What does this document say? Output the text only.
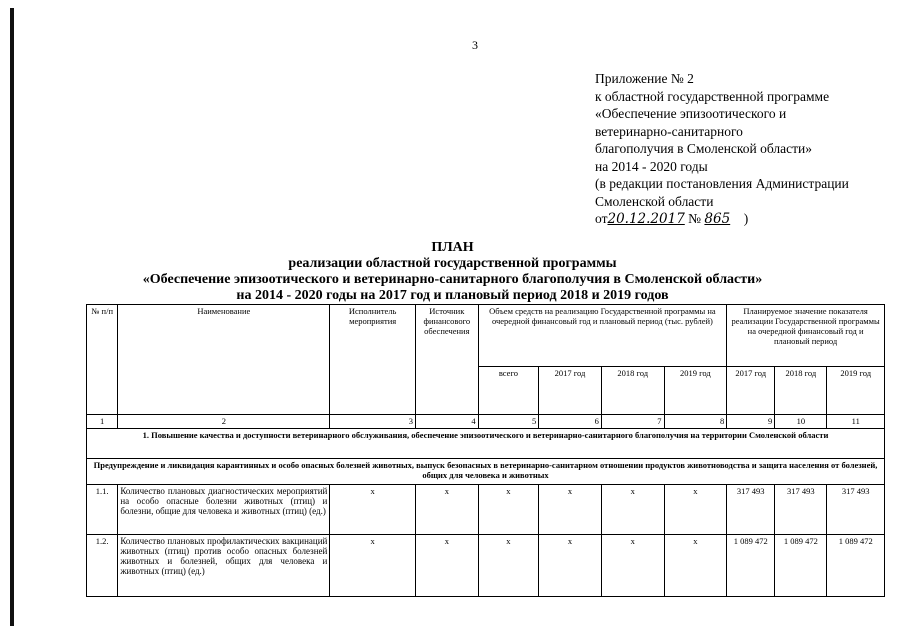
3
Приложение № 2
к областной государственной программе
«Обеспечение эпизоотического и
ветеринарно-санитарного
благополучия в Смоленской области»
на 2014 - 2020 годы
(в редакции постановления Администрации
Смоленской области
от20.12.2017 № 865 )
ПЛАН
реализации областной государственной программы
«Обеспечение эпизоотического и ветеринарно-санитарного благополучия в Смоленской области»
на 2014 - 2020 годы на 2017 год и плановый период 2018 и 2019 годов
№ п/п	Наименование	Исполнитель мероприятия	Источник финансового обеспечения	Объем средств на реализацию Государственной программы на очередной финансовый год и плановый период (тыс. рублей)				Планируемое значение показателя реализации Государственной программы на очередной финансовый год и плановый период		
				всего	2017 год	2018 год	2019 год	2017 год	2018 год	2019 год
1	2	3	4	5	6	7	8	9	10	11
1. Повышение качества и доступности ветеринарного обслуживания, обеспечение эпизоотического и ветеринарно-санитарного благополучия на территории Смоленской области										
Предупреждение и ликвидация карантинных и особо опасных болезней животных, выпуск безопасных в ветеринарно-санитарном отношении продуктов животноводства и защита населения от болезней, общих для человека и животных										
1.1.	Количество плановых диагностических мероприятий на особо опасные болезни животных (птиц) и болезни, общие для человека и животных (птиц) (ед.)	х	х	х	х	х	х	317 493	317 493	317 493
1.2.	Количество плановых профилактических вакцинаций животных (птиц) против особо опасных болезней животных и болезней, общих для человека и животных (птиц) (ед.)	х	х	х	х	х	х	1 089 472	1 089 472	1 089 472
